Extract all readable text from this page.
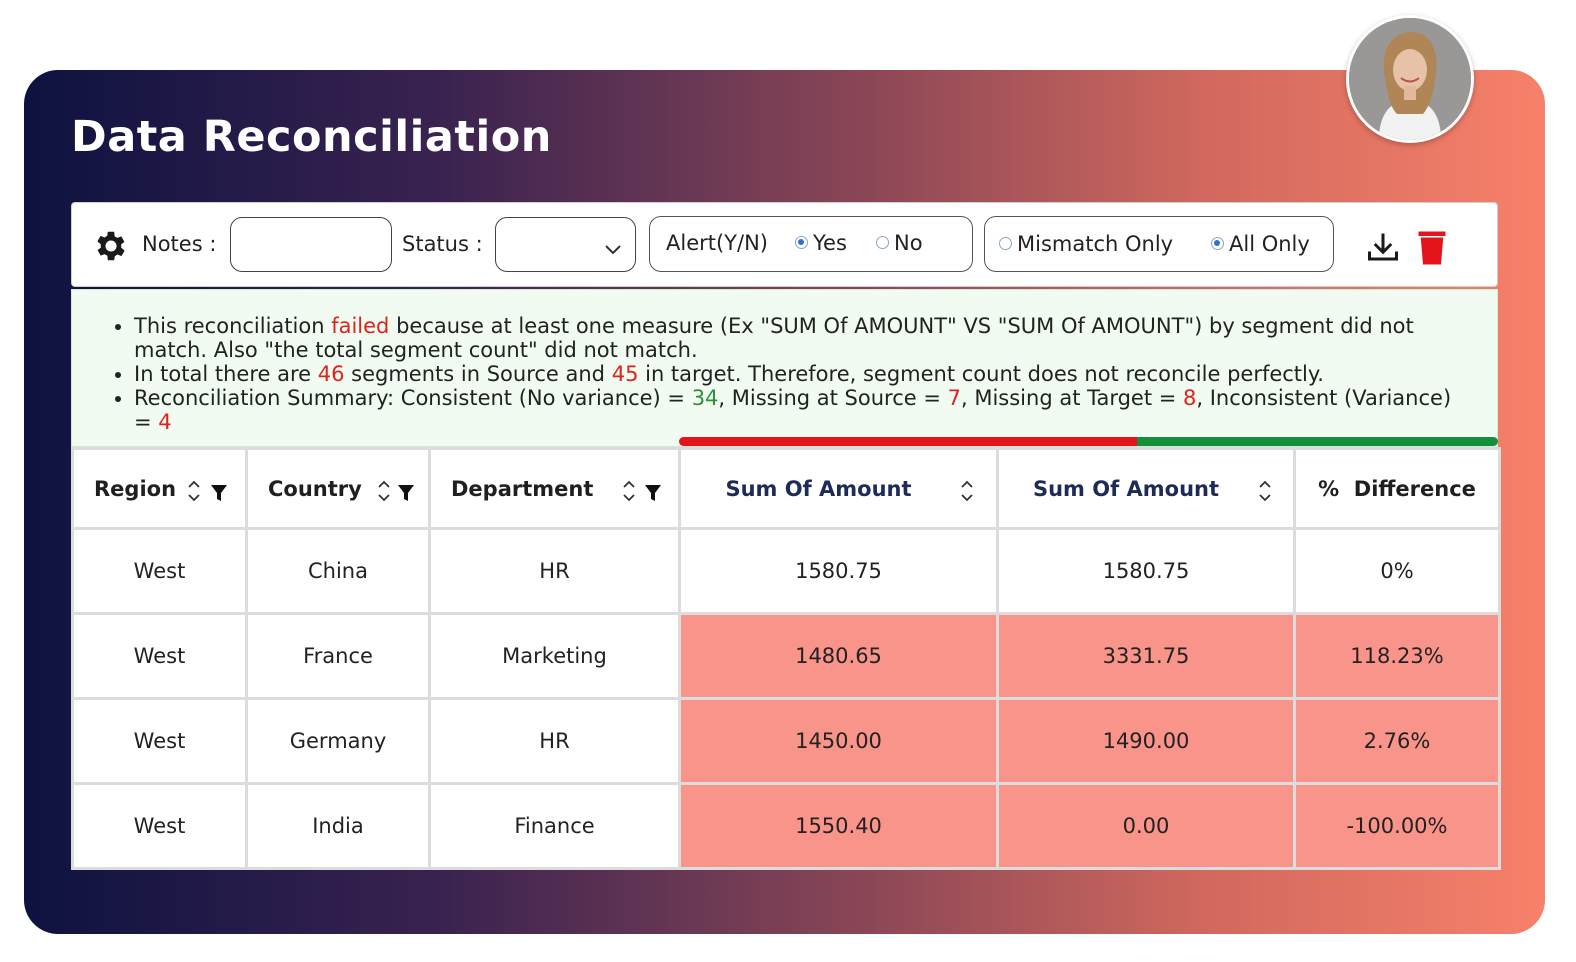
Data Reconciliation
Notes :	Status :	Alert(Y/N)	Yes	No	Mismatch Only	All Only
• This reconciliation failed because at least one measure (Ex "SUM Of AMOUNT" VS "SUM Of AMOUNT") by segment did not match. Also "the total segment count" did not match.
• In total there are 46 segments in Source and 45 in target. Therefore, segment count does not reconcile perfectly.
• Reconciliation Summary: Consistent (No variance) = 34, Missing at Source = 7, Missing at Target = 8, Inconsistent (Variance) = 4
Region	Country	Department	Sum Of Amount	Sum Of Amount	%  Difference
West	China	HR	1580.75	1580.75	0%
West	France	Marketing	1480.65	3331.75	118.23%
West	Germany	HR	1450.00	1490.00	2.76%
West	India	Finance	1550.40	0.00	-100.00%
